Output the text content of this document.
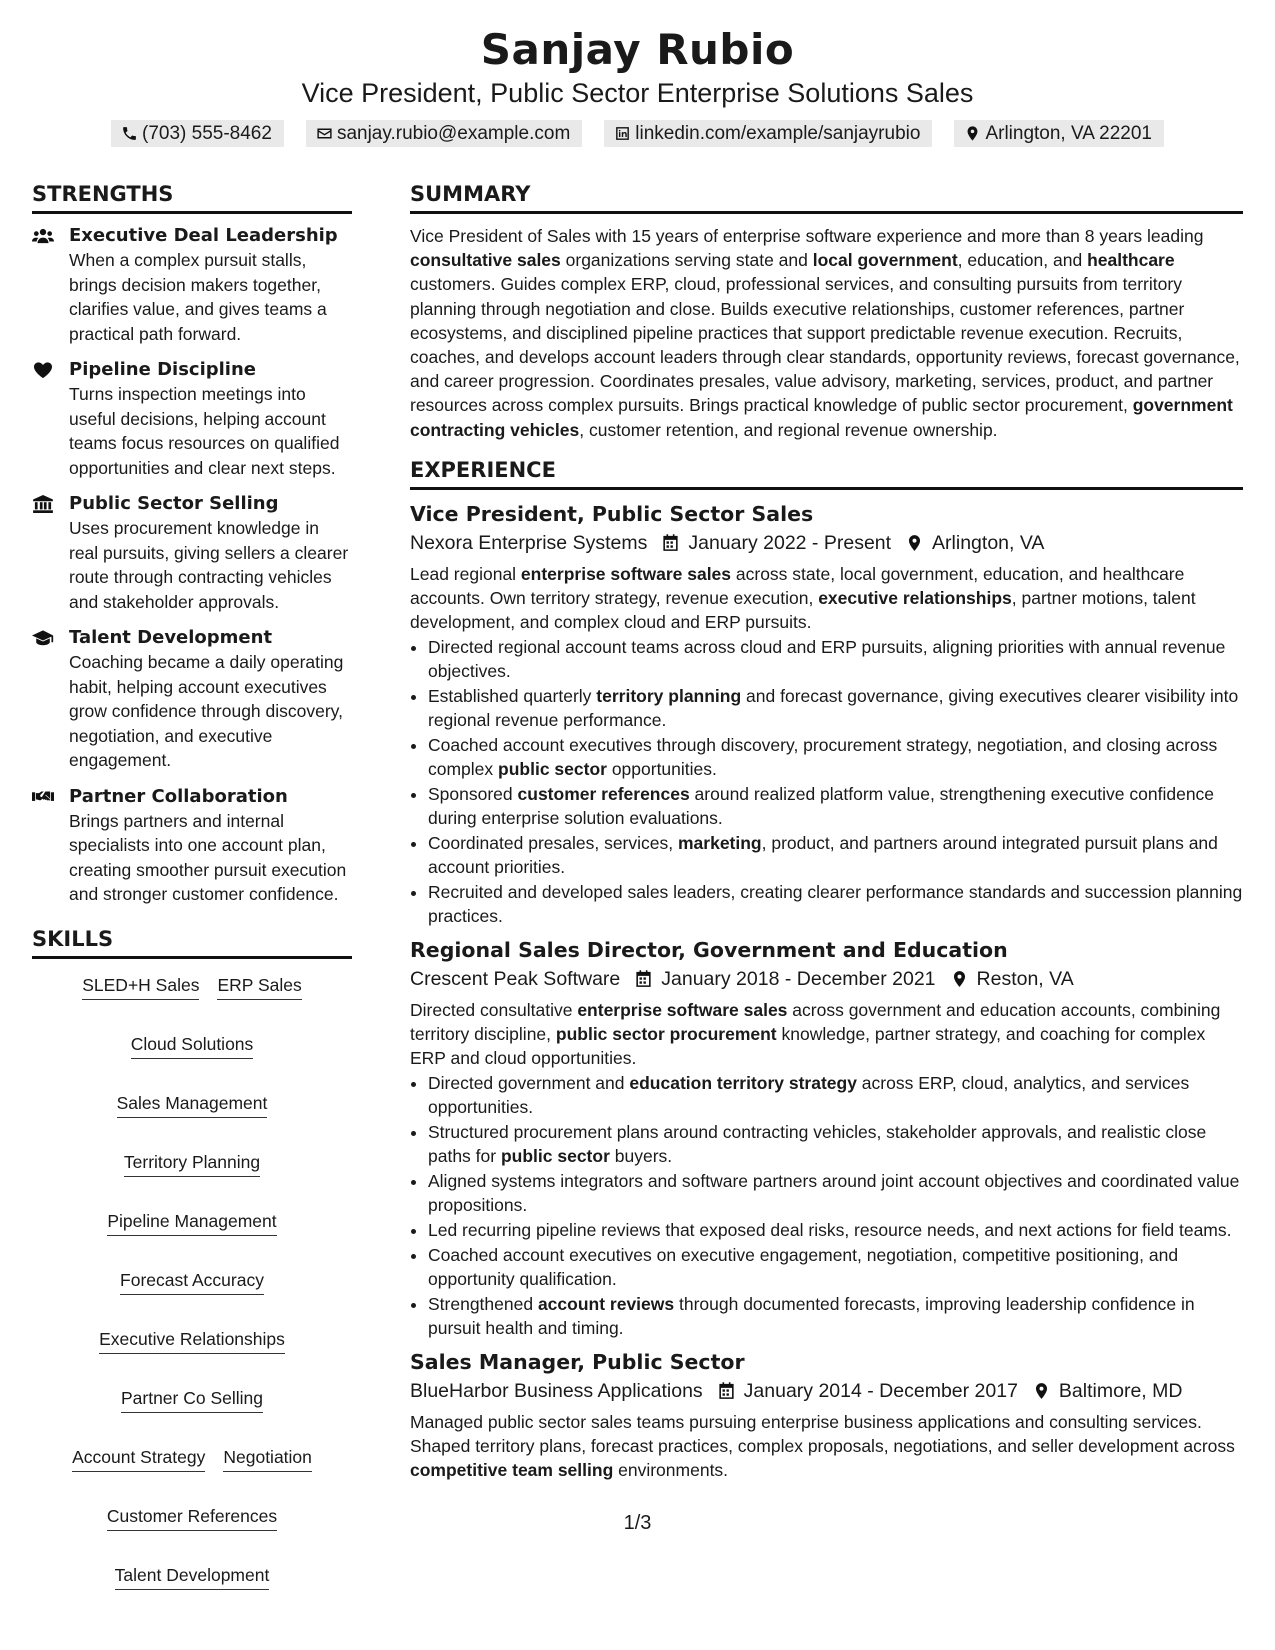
Sanjay Rubio
Vice President, Public Sector Enterprise Solutions Sales
(703) 555-8462	sanjay.rubio@example.com	linkedin.com/example/sanjayrubio	Arlington, VA 22201
STRENGTHS
Executive Deal Leadership
When a complex pursuit stalls, brings decision makers together, clarifies value, and gives teams a practical path forward.
Pipeline Discipline
Turns inspection meetings into useful decisions, helping account teams focus resources on qualified opportunities and clear next steps.
Public Sector Selling
Uses procurement knowledge in real pursuits, giving sellers a clearer route through contracting vehicles and stakeholder approvals.
Talent Development
Coaching became a daily operating habit, helping account executives grow confidence through discovery, negotiation, and executive engagement.
Partner Collaboration
Brings partners and internal specialists into one account plan, creating smoother pursuit execution and stronger customer confidence.
SKILLS
SLED+H Sales ERP Sales
Cloud Solutions
Sales Management
Territory Planning
Pipeline Management
Forecast Accuracy
Executive Relationships
Partner Co Selling
Account Strategy Negotiation
Customer References
Talent Development
SUMMARY

Vice President of Sales with 15 years of enterprise software experience and more than 8 years leading consultative sales organizations serving state and local government, education, and healthcare customers. Guides complex ERP, cloud, professional services, and consulting pursuits from territory planning through negotiation and close. Builds executive relationships, customer references, partner ecosystems, and disciplined pipeline practices that support predictable revenue execution. Recruits, coaches, and develops account leaders through clear standards, opportunity reviews, forecast governance, and career progression. Coordinates presales, value advisory, marketing, services, product, and partner resources across complex pursuits. Brings practical knowledge of public sector procurement, government contracting vehicles, customer retention, and regional revenue ownership.

EXPERIENCE
Vice President, Public Sector Sales
Nexora Enterprise Systems January 2022 - Present Arlington, VA
Lead regional enterprise software sales across state, local government, education, and healthcare accounts. Own territory strategy, revenue execution, executive relationships, partner motions, talent development, and complex cloud and ERP pursuits.
• Directed regional account teams across cloud and ERP pursuits, aligning priorities with annual revenue objectives.
• Established quarterly territory planning and forecast governance, giving executives clearer visibility into regional revenue performance.
• Coached account executives through discovery, procurement strategy, negotiation, and closing across complex public sector opportunities.
• Sponsored customer references around realized platform value, strengthening executive confidence during enterprise solution evaluations.
• Coordinated presales, services, marketing, product, and partners around integrated pursuit plans and account priorities.
• Recruited and developed sales leaders, creating clearer performance standards and succession planning practices.
Regional Sales Director, Government and Education
Crescent Peak Software January 2018 - December 2021 Reston, VA
Directed consultative enterprise software sales across government and education accounts, combining territory discipline, public sector procurement knowledge, partner strategy, and coaching for complex ERP and cloud opportunities.
• Directed government and education territory strategy across ERP, cloud, analytics, and services opportunities.
• Structured procurement plans around contracting vehicles, stakeholder approvals, and realistic close paths for public sector buyers.
• Aligned systems integrators and software partners around joint account objectives and coordinated value propositions.
• Led recurring pipeline reviews that exposed deal risks, resource needs, and next actions for field teams.
• Coached account executives on executive engagement, negotiation, competitive positioning, and opportunity qualification.
• Strengthened account reviews through documented forecasts, improving leadership confidence in pursuit health and timing.
Sales Manager, Public Sector
BlueHarbor Business Applications January 2014 - December 2017 Baltimore, MD
Managed public sector sales teams pursuing enterprise business applications and consulting services. Shaped territory plans, forecast practices, complex proposals, negotiations, and seller development across competitive team selling environments.
1/3
